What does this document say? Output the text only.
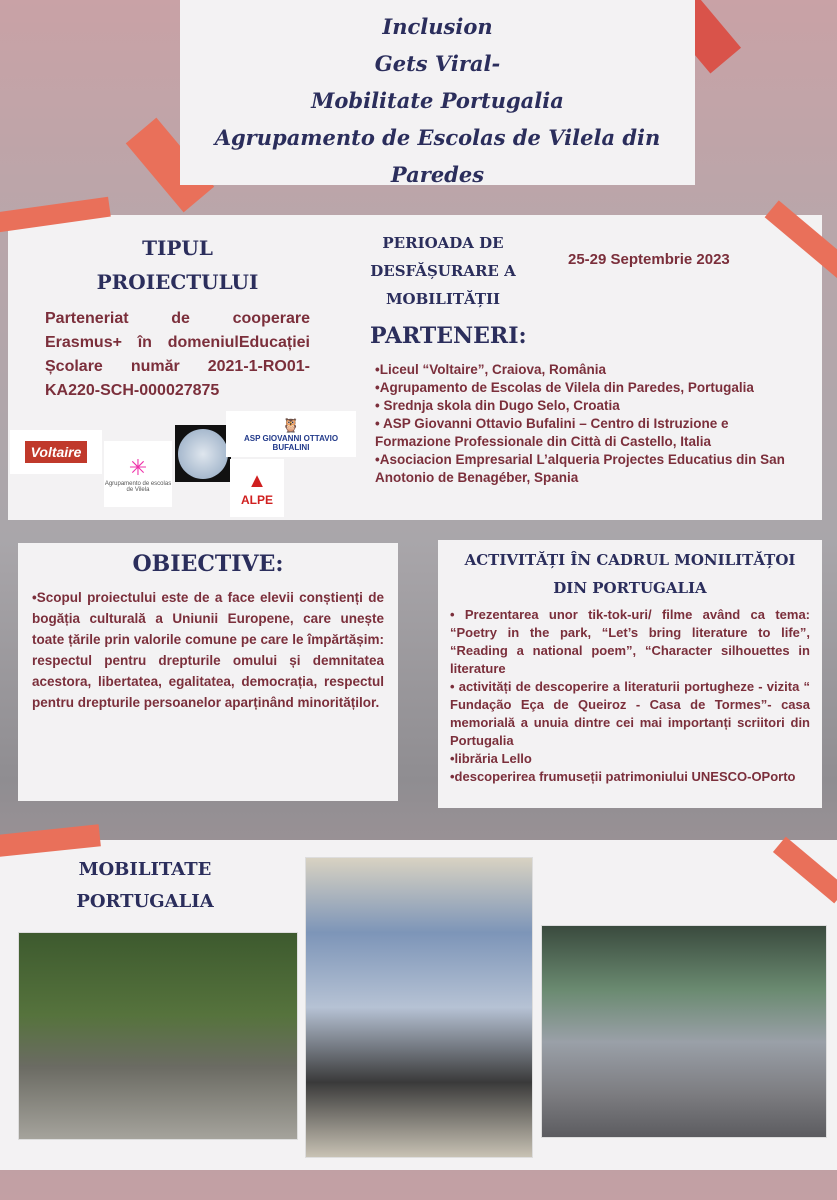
Inclusion
Gets Viral-
Mobilitate Portugalia
Agrupamento de Escolas de Vilela din
Paredes
TIPUL
PROIECTULUI
Parteneriat de cooperare Erasmus+ în domeniulEducației Școlare număr 2021-1-RO01-KA220-SCH-000027875
PERIOADA DE
DESFĂȘURARE A
MOBILITĂȚII
25-29 Septembrie 2023
PARTENERI:
•Liceul “Voltaire”, Craiova, România
•Agrupamento de Escolas de Vilela din Paredes, Portugalia
• Srednja skola din Dugo Selo, Croatia
• ASP Giovanni Ottavio Bufalini – Centro di Istruzione e Formazione Professionale din Città di Castello, Italia
•Asociacion Empresarial L’alqueria Projectes Educatius din San Anotonio de Benagéber, Spania
Voltaire
✳
Agrupamento de escolas de Vilela
🦉
ASP GIOVANNI OTTAVIO BUFALINI
▲
ALPE
OBIECTIVE:
•Scopul proiectului este de a face elevii conștienți de bogăția culturală a Uniunii Europene, care unește toate țările prin valorile comune pe care le împărtășim: respectul pentru drepturile omului și demnitatea acestora, libertatea, egalitatea, democrația, respectul pentru drepturile persoanelor aparținând minorităților.
ACTIVITĂȚI ÎN CADRUL MONILITĂȚOI DIN PORTUGALIA
• Prezentarea unor tik-tok-uri/ filme având ca tema: “Poetry in the park, “Let’s bring literature to life”, “Reading a national poem”, “Character silhouettes in literature
• activități de descoperire a literaturii portugheze - vizita “ Fundação Eça de Queiroz - Casa de Tormes”- casa memorială a unuia dintre cei mai importanți scriitori din Portugalia
•librăria Lello
•descoperirea frumuseții patrimoniului UNESCO-OPorto
MOBILITATE
PORTUGALIA
